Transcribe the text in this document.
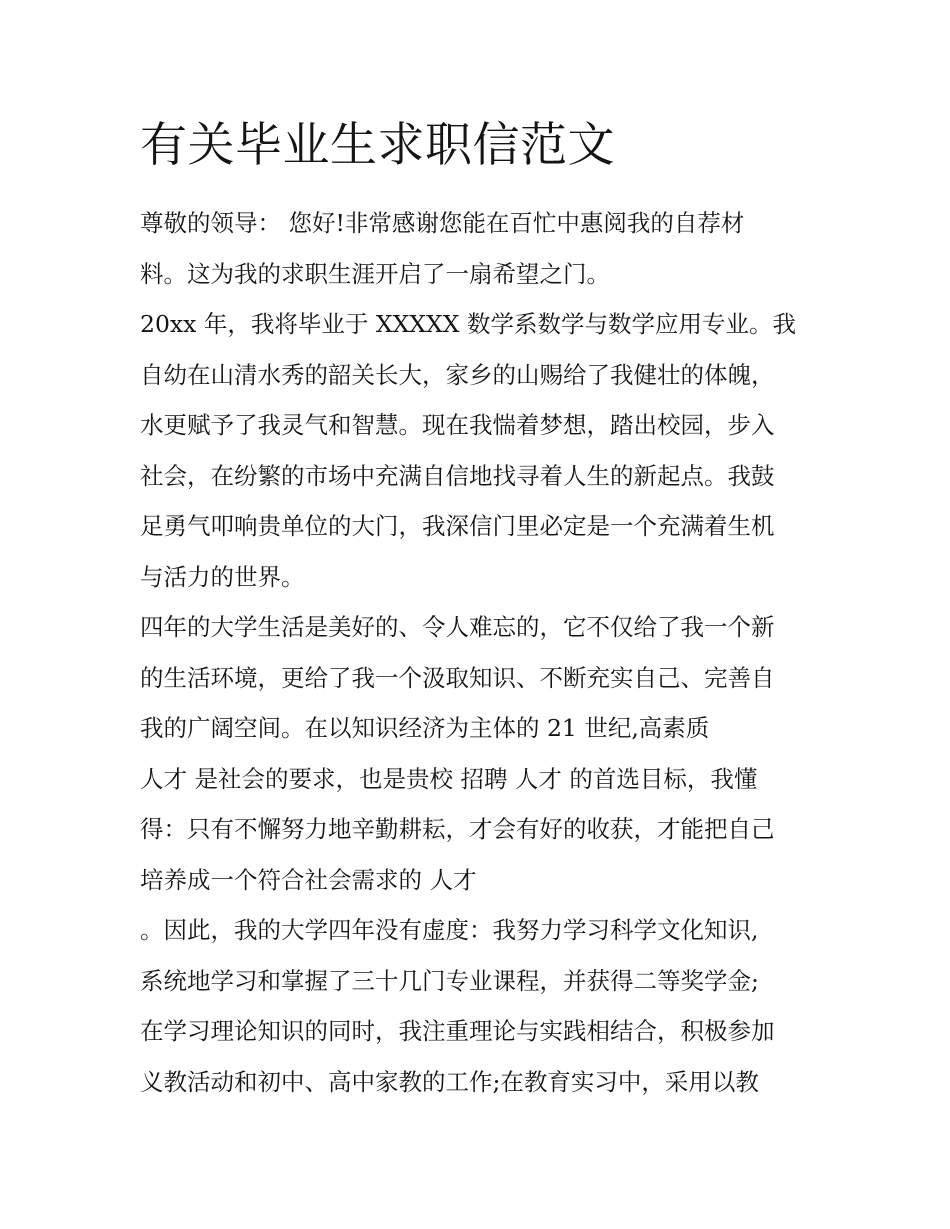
有关毕业生求职信范文

尊敬的领导： 您好!非常感谢您能在百忙中惠阅我的自荐材

料。这为我的求职生涯开启了一扇希望之门。

20xx 年，我将毕业于 XXXXX 数学系数学与数学应用专业。我

自幼在山清水秀的韶关长大，家乡的山赐给了我健壮的体魄，

水更赋予了我灵气和智慧。现在我惴着梦想，踏出校园，步入

社会，在纷繁的市场中充满自信地找寻着人生的新起点。我鼓

足勇气叩响贵单位的大门，我深信门里必定是一个充满着生机

与活力的世界。

四年的大学生活是美好的、令人难忘的，它不仅给了我一个新

的生活环境，更给了我一个汲取知识、不断充实自己、完善自

我的广阔空间。在以知识经济为主体的 21 世纪,高素质

人才 是社会的要求，也是贵校 招聘 人才 的首选目标，我懂

得：只有不懈努力地辛勤耕耘，才会有好的收获，才能把自己

培养成一个符合社会需求的 人才

。因此，我的大学四年没有虚度：我努力学习科学文化知识,

系统地学习和掌握了三十几门专业课程，并获得二等奖学金;

在学习理论知识的同时，我注重理论与实践相结合，积极参加

义教活动和初中、高中家教的工作;在教育实习中，采用以教
